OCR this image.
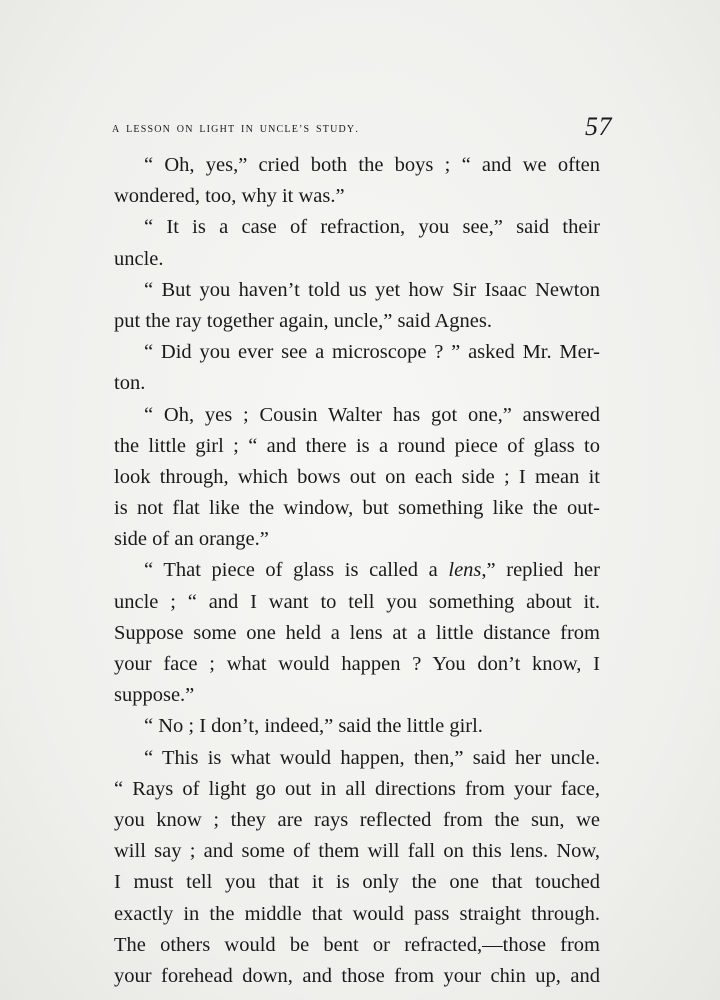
a lesson on light in uncle’s study.	57
“ Oh, yes,” cried both the boys ; “ and we often
wondered, too, why it was.”
“ It is a case of refraction, you see,” said their
uncle.
“ But you haven’t told us yet how Sir Isaac Newton
put the ray together again, uncle,” said Agnes.
“ Did you ever see a microscope ? ” asked Mr. Mer-
ton.
“ Oh, yes ; Cousin Walter has got one,” answered
the little girl ; “ and there is a round piece of glass to
look through, which bows out on each side ; I mean it
is not flat like the window, but something like the out-
side of an orange.”
“ That piece of glass is called a lens,” replied her
uncle ; “ and I want to tell you something about it.
Suppose some one held a lens at a little distance from
your face ; what would happen ? You don’t know, I
suppose.”
“ No ; I don’t, indeed,” said the little girl.
“ This is what would happen, then,” said her uncle.
“ Rays of light go out in all directions from your face,
you know ; they are rays reflected from the sun, we
will say ; and some of them will fall on this lens. Now,
I must tell you that it is only the one that touched
exactly in the middle that would pass straight through.
The others would be bent or refracted,—those from
your forehead down, and those from your chin up, and
